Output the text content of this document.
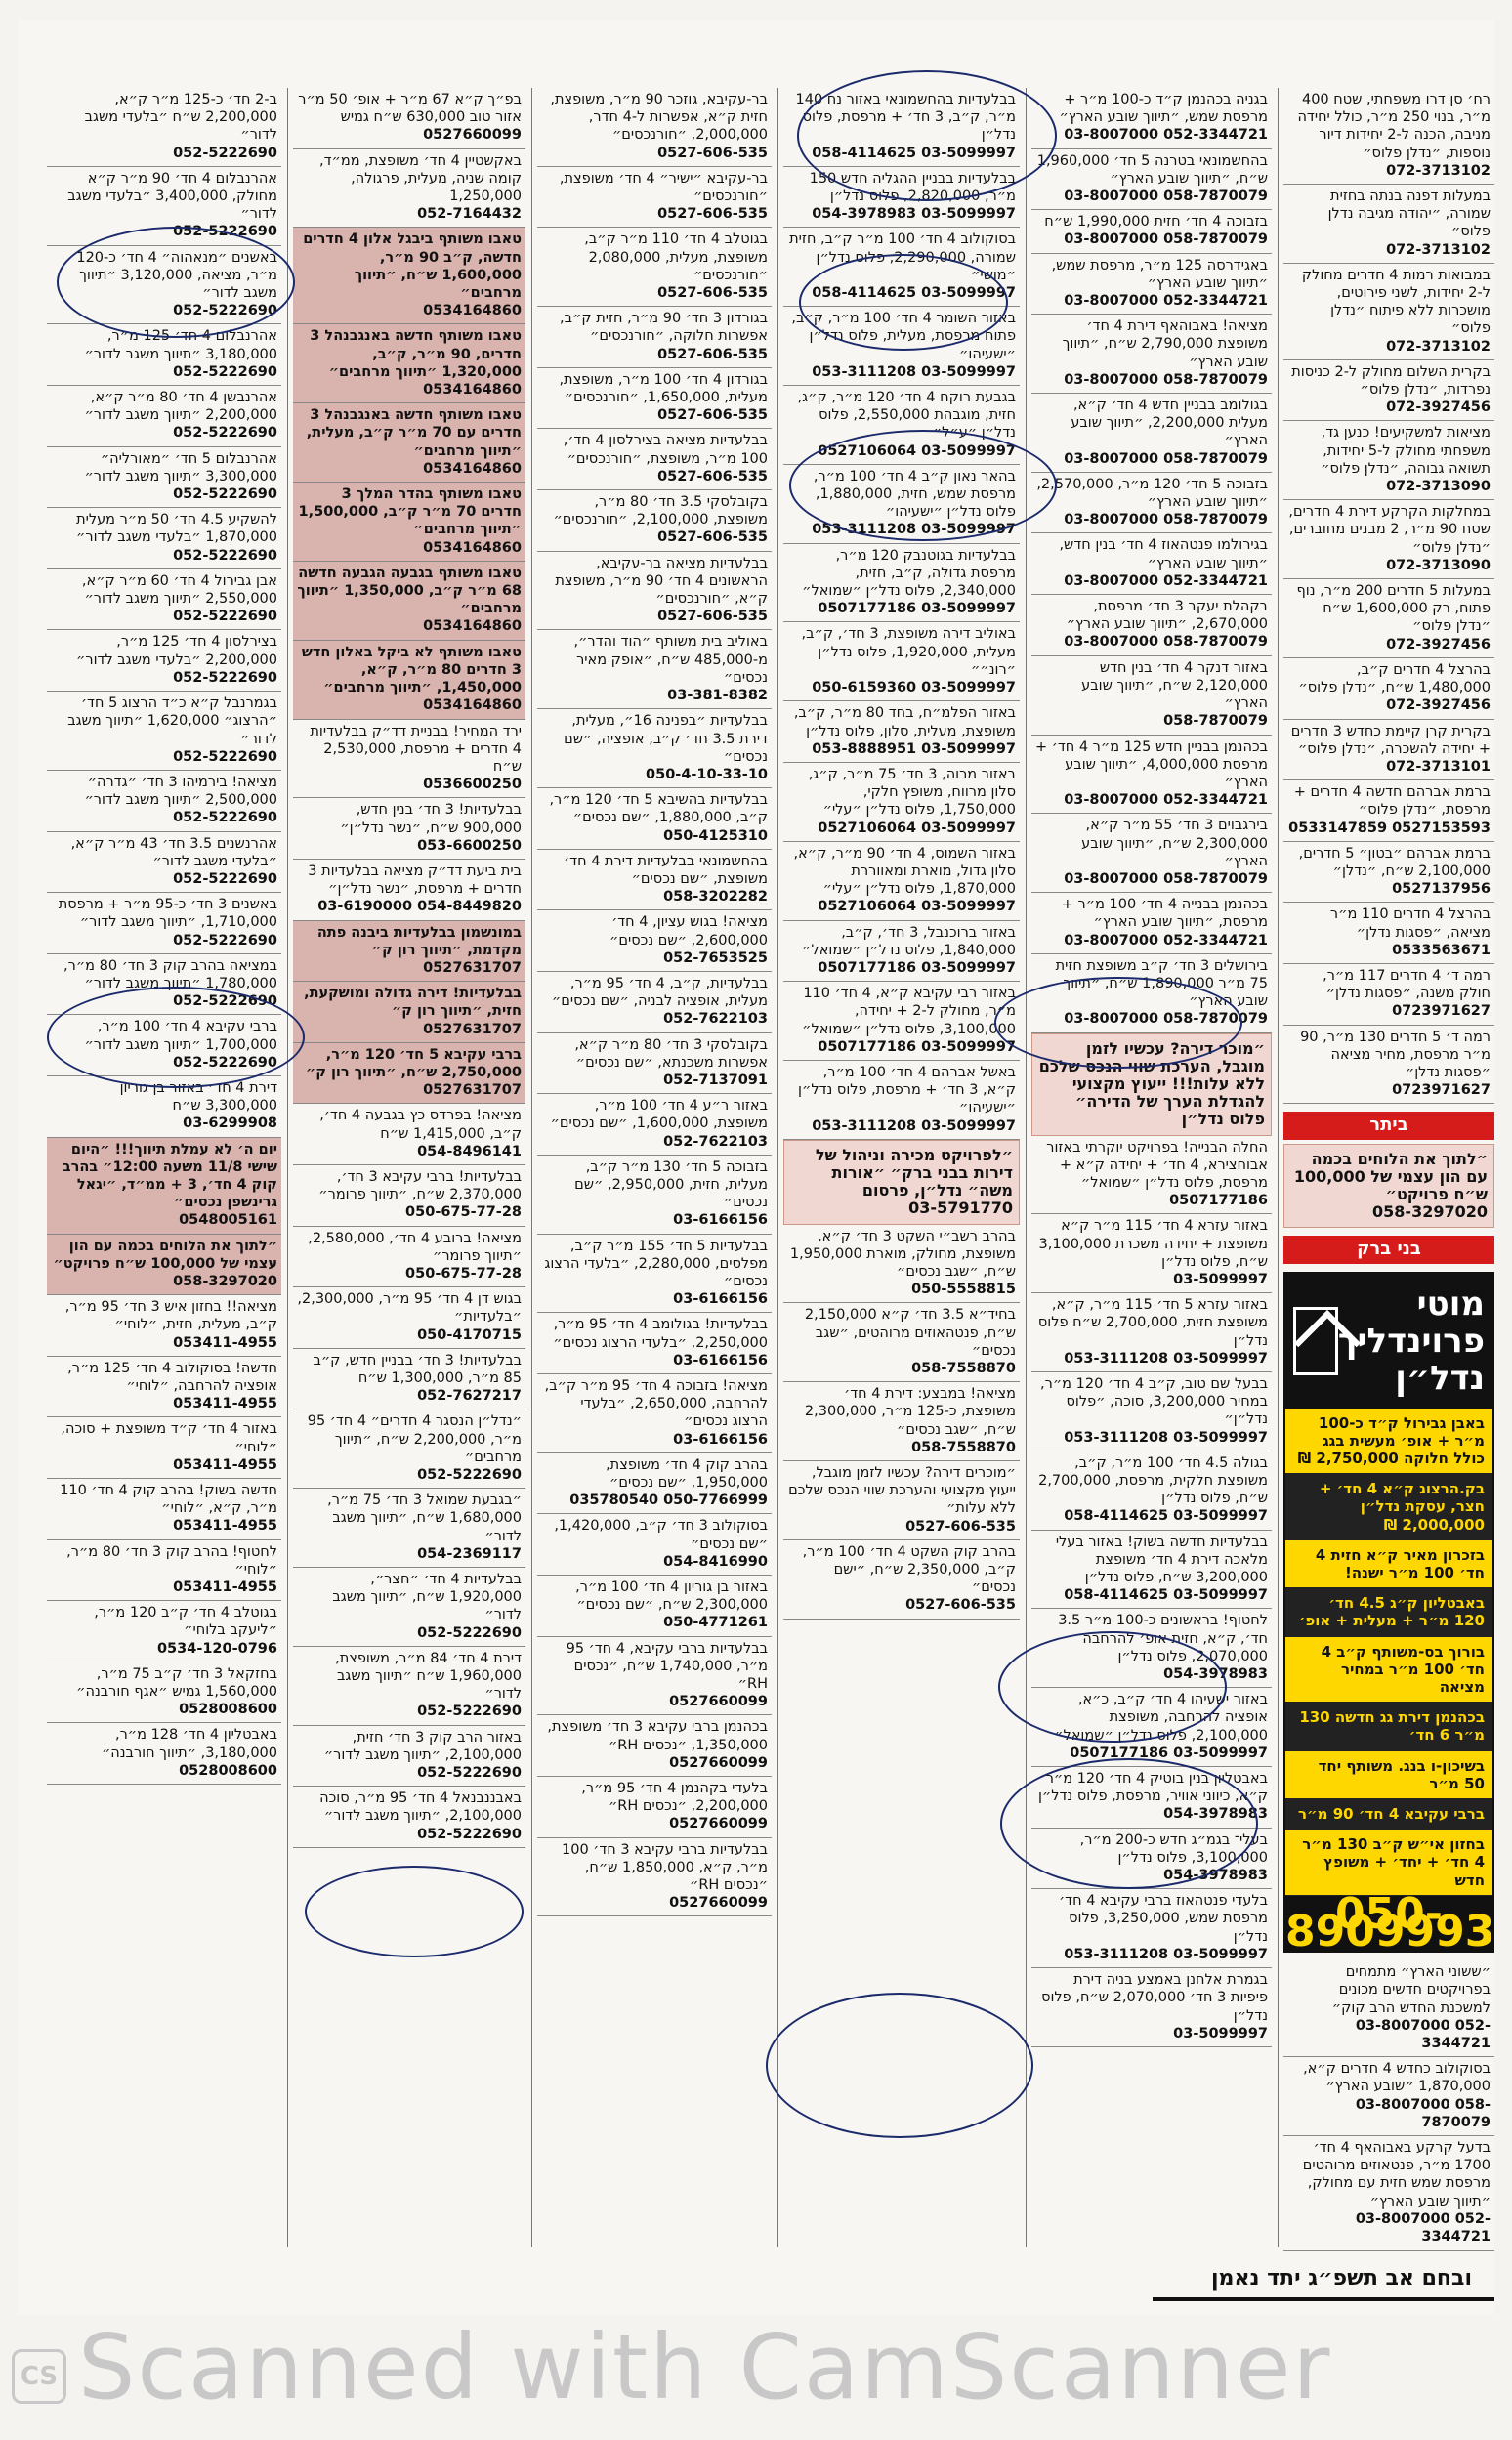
רח׳ סן דרו משפחתי, שטח 400 מ״ר, בנוי 250 מ״ר, כולל יחידה מניבה, הכנה ל-2 יחידות דיור נוספות, ״נדלן פלוס״
072-3713102
במעלות דפנה בנתה בחזית שמורה, ״יהודה מגיבה נדלן פלוס״
072-3713102
במבואות רמות 4 חדרים מחולק ל-2 יחידות, לשני פירוטים, מושכרות ללא פיתוח ״נדלן פלוס״
072-3713102
בקרית השלום מחולק ל-2 כניסות נפרדות, ״נדלן פלוס״
072-3927456
מציאות למשקיעים! כנען גד, משפחתי מחולק ל-5 יחידות, תשואה גבוהה, ״נדלן פלוס״
072-3713090
במחלקות הקרקע דירת 4 חדרים, שטח 90 מ״ר, 2 מבנים מחוברים, ״נדלן פלוס״
072-3713090
במעלות 5 חדרים 200 מ״ר, נוף פתוח, רק 1,600,000 ש״ח ״נדלן פלוס״
072-3927456
בהרצל 4 חדרים ק״ב, 1,480,000 ש״ח, ״נדלן פלוס״
072-3927456
בקרית קרן קיימת כחדש 3 חדרים + יחידה להשכרה, ״נדלן פלוס״
072-3713101
ברמת אברהם חדשה 4 חדרים + מרפסת, ״נדלן פלוס״
0533147859 0527153593
ברמת אברהם ״בטון״ 5 חדרים, 2,100,000 ש״ח, ״נדלן״
0527137956
בהרצל 4 חדרים 110 מ״ר מציאה, ״פסגות נדלן״
0533563671
רמה ד׳ 4 חדרים 117 מ״ר, חולק משנה, ״פסגות נדלן״
0723971627
רמה ד׳ 5 חדרים 130 מ״ר, 90 מ״ר מרפסת, מחיר מציאה ״פסגות נדלן״
0723971627
ביתר
״לתוך את הלוחים בכמה עם הון עצמי של 100,000 ש״ח פרויקט״

058-3297020
בני ברק
מוטי
פרוינדליך
נדל״ן
באבן גבירול ק״ד כ-100 מ״ר + אופ׳ מעשית בגג כולל חלוקה 2,750,000 ₪
בק.הרצוג ק״א 4 חד׳ + חצר, עסקת נדל״ן 2,000,000 ₪
בזכרון מאיר ק״א חזית 4 חד׳ 100 מ״ר ישנה!
באבטליון ק״ג 4.5 חד׳ 120 מ״ר + מעלית + אופ׳
בורוך בס-משותף ק״ב 4 חד׳ 100 מ״ר במחיר מציאה
בכהנמן דירת גג חדשה 130 מ״ר 6 חד׳
בשיכון-ו בנג. משותף יחד 50 מ״ר
ברבי עקיבא 4 חד׳ 90 מ״ר
בחזון אי״ש ק״ב 130 מ״ר 4 חד׳ + יחד׳ + משופץ חדש
050-8909993
״ששוני הארץ״ מתמחים בפרויקטים חדשים מכונים למשכנת החדש הרב קוק״
03-8007000 052-3344721
בסוקולוב כחדש 4 חדרים ק״א, 1,870,000 ״שובע הארץ״
03-8007000 058-7870079
בדעל קרקע באבוהאף 4 חד׳ 1700 מ״ר, פנטאוזים מרוהטים מרפסת שמש חזית עם מחולק, ״תיווך שובע הארץ״
03-8007000 052-3344721
בגניה בכהנמן ק״ד כ-100 מ״ר + מרפסת שמש, ״תיווך שובע הארץ״
03-8007000 052-3344721
בהחשמונאי בטרנה 5 חד׳ 1,960,000 ש״ח, ״תיווך שובע הארץ״
03-8007000 058-7870079
בזבוכה 4 חד׳ חזית 1,990,000 ש״ח
03-8007000 058-7870079
באגידרסה 125 מ״ר, מרפסת שמש, ״תיווך שובע הארץ״
03-8007000 052-3344721
מציאה! באבוהאף דירת 4 חד׳ משופצת 2,790,000 ש״ח, ״תיווך שובע הארץ״
03-8007000 058-7870079
בגולומב בבניין חדש 4 חד׳ ק״א, מעלית 2,200,000, ״תיווך שובע הארץ״
03-8007000 058-7870079
בזבוכה 5 חד׳ 120 מ״ר, 2,570,000, ״תיווך שובע הארץ״
03-8007000 058-7870079
בגירולמו פנטהאוז 4 חד׳ בנין חדש, ״תיווך שובע הארץ״
03-8007000 052-3344721
בקהלת יעקב 3 חד׳ מרפסת, 2,670,000, ״תיווך שובע הארץ״
03-8007000 058-7870079
באזור דנקר 4 חד׳ בנין חדש 2,120,000 ש״ח, ״תיווך שובע הארץ״
058-7870079
בכהנמן בבניין חדש 125 מ״ר 4 חד׳ + מרפסת 4,000,000, ״תיווך שובע הארץ״
03-8007000 052-3344721
בירגבוים 3 חד׳ 55 מ״ר ק״א, 2,300,000 ש״ח, ״תיווך שובע הארץ״
03-8007000 058-7870079
בכהנמן בבנייה 4 חד׳ 100 מ״ר + מרפסת, ״תיווך שובע הארץ״
03-8007000 052-3344721
בירושלים 3 חד׳ ק״ב משופצת חזית 75 מ״ר 1,890,000 ש״ח, ״תיווך שובע הארץ״
03-8007000 058-7870079
״מוכר דירה? עכשיו לזמן מוגבל, הערכת שווי הנכס שלכם ללא עלות!!! ייעוץ מקצועי להגדלת הערך של הדירה״ פלוס נדל״ן
החלה הבנייה! בפרויקט יוקרתי באזור אבוחצירא, 4 חד׳ + יחידה ק״א + מרפסת, פלוס נדל״ן ״שמואל״
0507177186
באזור עזרא 4 חד׳ 115 מ״ר ק״א משופצת + יחידה משכרת 3,100,000 ש״ח, פלוס נדל״ן
03-5099997
באזור עזרא 5 חד׳ 115 מ״ר, ק״א, משופצת חזית, 2,700,000 ש״ח פלוס נדל״ן
053-3111208 03-5099997
בבעל שם טוב, ק״ב 4 חד׳ 120 מ״ר, במחיר 3,200,000, סוכה, ״פלוס נדל״ן״
053-3111208 03-5099997
בגולה 4.5 חד׳ 100 מ״ר, ק״ב, משופצת חלקית, מרפסת, 2,700,000 ש״ח, פלוס נדל״ן
058-4114625 03-5099997
בבלעדיות חדשה בשוק! באזור בעלי מלאכה דירת 4 חד׳ משופצת 3,200,000 ש״ח, פלוס נדל״ן
058-4114625 03-5099997
לחטוף! בראשונים כ-100 מ״ר 3.5 חד׳, ק״א, חזית אופ׳ להרחבה 2,070,000, פלוס נדל״ן
054-3978983
באזור ישעיהו 4 חד׳ ק״ב, כ״א, אופציה להרחבה, משופצת 2,100,000, פלוס נדל״ן ״שמואל״
0507177186 03-5099997
באבטליון בנין בוטיק 4 חד׳ 120 מ״ר ק״א, כיווני אוויר, מרפסת, פלוס נדל״ן
054-3978983
בעלי־ בגמ״ג חדש כ-200 מ״ר, 3,100,000, פלוס נדל״ן
054-3978983
בלעדי פנטהאוז ברבי עקיבא 4 חד׳ מרפסת שמש, 3,250,000, פלוס נדל״ן
053-3111208 03-5099997
בגמרת אלחנן באמצע בניה דירת פיפיות 3 חד׳ 2,070,000 ש״ח, פלוס נדל״ן
03-5099997
בבלעדיות בהחשמונאי באזור נח 140 מ״ר, ק״ב, 3 חד׳ + מרפסת, פלוס נדל״ן
058-4114625 03-5099997
בבלעדיות בבניין ההגליה חדש 150 מ״ר, 2,820,000, פלוס נדל״ן
054-3978983 03-5099997
בסוקולוב 4 חד׳ 100 מ״ר ק״ב, חזית שמורה, 2,290,000, פלוס נדל״ן ״מושי״
058-4114625 03-5099997
באזור השומר 4 חד׳ 100 מ״ר, ק״ב, פתוח מרפסת, מעלית, פלוס נדל״ן ״ישעיהו״
053-3111208 03-5099997
בגבעת רוקח 4 חד׳ 120 מ״ר, ק״ג, חזית, מוגבהת 2,550,000, פלוס נדל״ן ״ע״ל״
0527106064 03-5099997
בהאר נאון ק״ב 4 חד׳ 100 מ״ר, מרפסת שמש, חזית, 1,880,000, פלוס נדל״ן ״ישעיהו״
053-3111208 03-5099997
בבלעדיות בגוטנבק 120 מ״ר, מרפסת גדולה, ק״ב, חזית, 2,340,000, פלוס נדל״ן ״שמואל״
0507177186 03-5099997
באוליב דירה משופצת, 3 חד׳, ק״ב, מעלית, 1,920,000, פלוס נדל״ן ״רונ״״
050-6159360 03-5099997
באזור הפלמ״ח, בחד 80 מ״ר, ק״ב, משופצת, מעלית, סלון, פלוס נדל״ן
053-8888951 03-5099997
באזור מרוה, 3 חד׳ 75 מ״ר, ק״ג, סלון מרווח, משופץ חלקי, 1,750,000, פלוס נדל״ן ״עלי״
0527106064 03-5099997
באזור השמוס, 4 חד׳ 90 מ״ר, ק״א, סלון גדול, מוארת ומאווררת 1,870,000, פלוס נדל״ן ״עלי״
0527106064 03-5099997
באזור ברוכנבל, 3 חד׳, ק״ב, 1,840,000, פלוס נדל״ן ״שמואל״
0507177186 03-5099997
באזור רבי עקיבא ק״א, 4 חד׳ 110 מ״ר, מחולק ל-2 + יחידה, 3,100,000, פלוס נדל״ן ״שמואל״
0507177186 03-5099997
באשל אברהם 4 חד׳ 100 מ״ר, ק״א, 3 חד׳ + מרפסת, פלוס נדל״ן ״ישעיהו״
053-3111208 03-5099997
״לפרויקט מכירה וניהול של דירות בבני ברק״ ״אורות משה״ נדל״ן, פרסום

03-5791770
בהרב רשב״י השקט 3 חד׳ ק״א, משופצת, מחולק, מוארת 1,950,000 ש״ח, ״שגב נכסים״
050-5558815
בחיד״א 3.5 חד׳ ק״א 2,150,000 ש״ח, פנטהאוזים מרוהטים, ״שגב נכסים״
058-7558870
מציאה! במבצע: דירת 4 חד׳ משופצת, כ-125 מ״ר, 2,300,000 ש״ח, ״שגב נכסים״
058-7558870
״מוכרים דירה? עכשיו לזמן מוגבל, ייעוץ מקצועי והערכת שווי הנכס שלכם ללא עלות״
0527-606-535
בהרב קוק השקט 4 חד׳ 100 מ״ר, ק״ב, 2,350,000 ש״ח, ״ישם נכסים״
0527-606-535
בר-עקיבא, גוזכר 90 מ״ר, משופצת, חזית ק״א, אפשרות ל-4 חדר, 2,000,000, ״חורנכסים״
0527-606-535
בר-עקיבא ״ישיר״ 4 חד׳ משופצת, ״חורנכסים״
0527-606-535
בגוטלב 4 חד׳ 110 מ״ר ק״ב, משופצת, מעלית, 2,080,000 ״חורנכסים״
0527-606-535
בגורדון 3 חד׳ 90 מ״ר, חזית ק״ב, אפשרות חלוקה, ״חורנכסים״
0527-606-535
בגורדון 4 חד׳ 100 מ״ר, משופצת, מעלית, 1,650,000, ״חורנכסים״
0527-606-535
בבלעדיות מציאה בצירלסון 4 חד׳, 100 מ״ר, משופצת, ״חורנכסים״
0527-606-535
בקובלסקי 3.5 חד׳ 80 מ״ר, משופצת, 2,100,000, ״חורנכסים״
0527-606-535
בבלעדיות מציאה בר-עקיבא, הראשונים 4 חד׳ 90 מ״ר, משופצת ק״א, ״חורנכסים״
0527-606-535
באוליב בית משותף ״הוד והדר״, מ-485,000 ש״ח, ״אופק מאיר נכסים״
03-381-8382
בבלעדיות ״בפנינה 16״, מעלית, דירת 3.5 חד׳ ק״ב, אופציה, ״שם נכסים״
050-4-10-33-10
בבלעדיות בהשיבא 5 חד׳ 120 מ״ר, ק״ב, 1,880,000, ״שם נכסים״
050-4125310
בהחשמונאי בבלעדיות דירת 4 חד׳ משופצת, ״שם נכסים״
058-3202282
מציאה! בגוש עציון, 4 חד׳ 2,600,000, ״שם נכסים״
052-7653525
בבלעדיות, ק״ב, 4 חד׳ 95 מ״ר, מעלית, אופציה לבניה, ״שם נכסים״
052-7622103
בקובלסקי 3 חד׳ 80 מ״ר ק״א, אפשרות משכנתא, ״שם נכסים״
052-7137091
באזור ר״ע 4 חד׳ 100 מ״ר, משופצת, 1,600,000, ״שם נכסים״
052-7622103
בזבוכה 5 חד׳ 130 מ״ר ק״ב, מעלית, חזית, 2,950,000, ״שם נכסים״
03-6166156
בבלעדיות 5 חד׳ 155 מ״ר ק״ב, מפלסים, 2,280,000, ״בלעדי הרצוג נכסים״
03-6166156
בבלעדיות! בגולומב 4 חד׳ 95 מ״ר, 2,250,000, ״בלעדי הרצוג נכסים״
03-6166156
מציאה! בזבוכה 4 חד׳ 95 מ״ר ק״ב, להרחבה, 2,650,000, ״בלעדי הרצוג נכסים״
03-6166156
בהרב קוק 4 חד׳ משופצת, 1,950,000, ״שם נכסים״
035780540 050-7766999
בסוקולוב 3 חד׳ ק״ב, 1,420,000, ״שם נכסים״
054-8416990
באזור בן גוריון 4 חד׳ 100 מ״ר, 2,300,000 ש״ח, ״שם נכסים״
050-4771261
בבלעדיות ברבי עקיבא, 4 חד׳ 95 מ״ר, 1,740,000 ש״ח, ״נכסים RH״
0527660099
בכהנמן ברבי עקיבא 3 חד׳ משופצת, 1,350,000, ״נכסים RH״
0527660099
בלעדי בקהנמן 4 חד׳ 95 מ״ר, 2,200,000, ״נכסים RH״
0527660099
בבלעדיות ברבי עקיבא 3 חד׳ 100 מ״ר, ק״א, 1,850,000 ש״ח, ״נכסים RH״
0527660099
בפ״ך ק״א 67 מ״ר + אופ׳ 50 מ״ר אזור טוב 630,000 ש״ח גמיש
0527660099
באקשטיין 4 חד׳ משופצת, ממ״ד, קומה שניה, מעלית, פרגולה, 1,250,000
052-7164432
טאבו משותף ביבגל אלון 4 חדרים חדשה, ק״ב 90 מ״ר, 1,600,000 ש״ח, ״תיווך מרחבים״
0534164860
טאבו משותף חדשה באנגבנהל 3 חדרים, 90 מ״ר, ק״ב, 1,320,000 ״תיווך מרחבים״
0534164860
טאבו משותף חדשה באנגבנהל 3 חדרים עם 70 מ״ר ק״ב, מעלית, ״תיווך מרחבים״
0534164860
טאבו משותף בהדר המלך 3 חדרים 70 מ״ר ק״ב, 1,500,000 ״תיווך מרחבים״
0534164860
טאבו משותף בגבעה הגבעה חדשה 68 מ״ר ק״ב, 1,350,000 ״תיווך מרחבים״
0534164860
טאבו משותף לא ביקל באלון חדש 3 חדרים 80 מ״ר, ק״א, 1,450,000, ״תיווך מרחבים״
0534164860
ירד המחיר! בבניית דד״ק בבלעדיות 4 חדרים + מרפסת, 2,530,000 ש״ח
0536600250
בבלעדיות! 3 חד׳ בנין חדש, 900,000 ש״ח, ״נשר נדל״ן״
053-6600250
בית ביעת דד״ק מציאה בבלעדיות 3 חדרים + מרפסת, ״נשר נדל״ן״
03-6190000 054-8449820
במונשמון בבלעדיות ביבנה פתה מקדמת, ״תיווך רון ק״
0527631707
בבלעדיות! דירה גדולה ומושקעת, חזית, ״תיווך רון ק״
0527631707
ברבי עקיבא 5 חד׳ 120 מ״ר, 2,750,000 ש״ח, ״תיווך רון ק״
0527631707
מציאה! בפרדס כץ בגבעה 4 חד׳, ק״ב, 1,415,000 ש״ח
054-8496141
בבלעדיות! ברבי עקיבא 3 חד׳, 2,370,000 ש״ח, ״תיווך פרומר״
050-675-77-28
מציאה! ברובע 4 חד׳, 2,580,000, ״תיווך פרומר״
050-675-77-28
בגוש דן 4 חד׳ 95 מ״ר, 2,300,000, ״בלעדיות״
050-4170715
בבלעדיות! 3 חד׳ בבניין חדש, ק״ב 85 מ״ר, 1,300,000 ש״ח
052-7627217
״נדל״ן הנסגר 4 חדרים״ 4 חד׳ 95 מ״ר, 2,200,000 ש״ח, ״תיווך מרחבים״
052-5222690
״בגבעת שמואל 3 חד׳ 75 מ״ר, 1,680,000 ש״ח, ״תיווך משגב לדור״
054-2369117
בבלעדיות 4 חד׳ ״חצר״, 1,920,000 ש״ח, ״תיווך משגב לדור״
052-5222690
דירת 4 חד׳ 84 מ״ר, משופצת, 1,960,000 ש״ח ״תיווך משגב לדור״
052-5222690
באזור הרב קוק 3 חד׳ חזית, 2,100,000, ״תיווך משגב לדור״
052-5222690
באבננבנאל 4 חד׳ 95 מ״ר, סוכה 2,100,000, ״תיווך משגב לדור״
052-5222690
ב-2 חד׳ כ-125 מ״ר ק״א, 2,200,000 ש״ח ״בלעדי משגב לדור״
052-5222690
אהרנבלום 4 חד׳ 90 מ״ר ק״א מחולק, 3,400,000 ״בלעדי משגב לדור״
052-5222690
באשנים ״מנאהוה״ 4 חד׳ כ-120 מ״ר, מציאה, 3,120,000 ״תיווך משגב לדור״
052-5222690
אהרנבלום 4 חד׳ 125 מ״ר, 3,180,000 ״תיווך משגב לדור״
052-5222690
אהרנבשן 4 חד׳ 80 מ״ר ק״א, 2,200,000 ״תיווך משגב לדור״
052-5222690
אהרנבלום 5 חד׳ ״מאורליה״ 3,300,000 ״תיווך משגב לדור״
052-5222690
להשקיע 4.5 חד׳ 50 מ״ר מעלית 1,870,000 ״בלעדי משגב לדור״
052-5222690
אבן גבירול 4 חד׳ 60 מ״ר ק״א, 2,550,000 ״תיווך משגב לדור״
052-5222690
בצירלסון 4 חד׳ 125 מ״ר, 2,200,000 ״בלעדי משגב לדור״
052-5222690
בגמרנבל ק״א כ״ד הרצוג 5 חד׳ ״הרצוג״ 1,620,000 ״תיווך משגב לדור״
052-5222690
מציאה! בירמיהו 3 חד׳ ״גדרה״ 2,500,000 ״תיווך משגב לדור״
052-5222690
אהרנשנים 3.5 חד׳ 43 מ״ר ק״א, ״בלעדי משגב לדור״
052-5222690
באשנים 3 חד׳ כ-95 מ״ר + מרפסת 1,710,000, ״תיווך משגב לדור״
052-5222690
במציאה בהרב קוק 3 חד׳ 80 מ״ר, 1,780,000 ״תיווך משגב לדור״
052-5222690
ברבי עקיבא 4 חד׳ 100 מ״ר, 1,700,000 ״תיווך משגב לדור״
052-5222690
דירת 4 חד׳ באזור בן גוריון 3,300,000 ש״ח
03-6299908
יום ה׳ לא עמלת תיווך!!! ״היום שישי 11/8 משעה 12:00״ בהרב קוק 4 חד׳, 3 + ממ״ד, ״יגאל גרינשפן נכסים״
0548005161
״לתוך את הלוחים בכמה עם הון עצמי של 100,000 ש״ח פרויקט״
058-3297020
מציאה!! בחזון איש 3 חד׳ 95 מ״ר, ק״ב, מעלית, חזית, ״לוחי״
053411-4955
חדשה! בסוקולוב 4 חד׳ 125 מ״ר, אופציה להרחבה, ״לוחי״
053411-4955
באזור 4 חד׳ ק״ד משופצת + סוכה, ״לוחי״
053411-4955
חדשה בשוק! בהרב קוק 4 חד׳ 110 מ״ר, ק״א, ״לוחי״
053411-4955
לחטוף! בהרב קוק 3 חד׳ 80 מ״ר, ״לוחי״
053411-4955
בגוטלב 4 חד׳ ק״ב 120 מ״ר, ״ליעקב בלוחי״
0534-120-0796
בחזקאל 3 חד׳ ק״ב 75 מ״ר, 1,560,000 גמיש ״אגף חורבנה״
0528008600
באבטליון 4 חד׳ 128 מ״ר, 3,180,000, ״תיווך חורבנה״
0528008600
ובחם אב תשפ״ג יתד נאמן
CS Scanned with CamScanner
